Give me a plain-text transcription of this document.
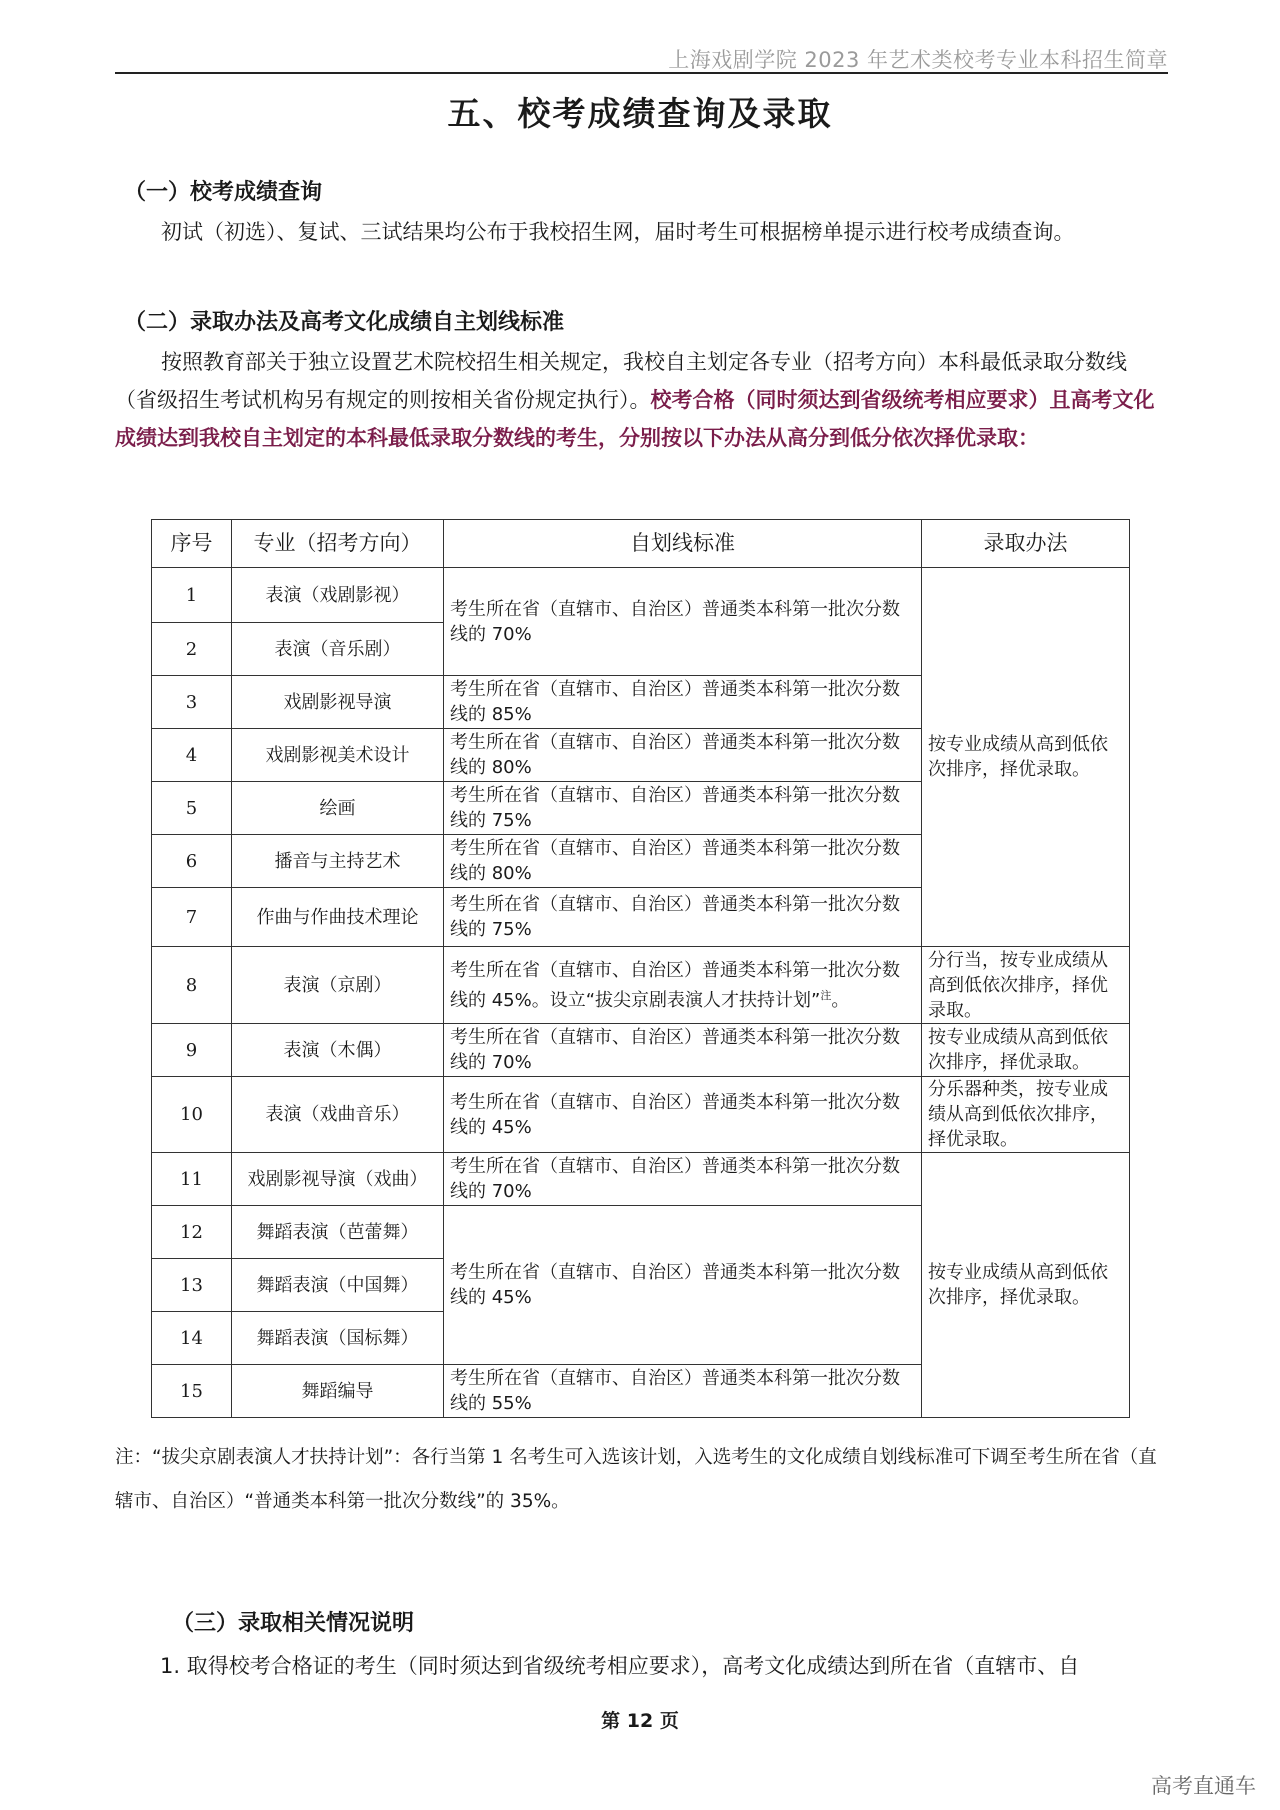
上海戏剧学院 2023 年艺术类校考专业本科招生简章
五、校考成绩查询及录取
（一）校考成绩查询
初试（初选）、复试、三试结果均公布于我校招生网，届时考生可根据榜单提示进行校考成绩查询。
（二）录取办法及高考文化成绩自主划线标准
按照教育部关于独立设置艺术院校招生相关规定，我校自主划定各专业（招考方向）本科最低录取分数线（省级招生考试机构另有规定的则按相关省份规定执行）。校考合格（同时须达到省级统考相应要求）且高考文化成绩达到我校自主划定的本科最低录取分数线的考生，分别按以下办法从高分到低分依次择优录取：
序号	专业（招考方向）	自划线标准	录取办法
1	表演（戏剧影视）	考生所在省（直辖市、自治区）普通类本科第一批次分数线的 70%	按专业成绩从高到低依次排序，择优录取。
2	表演（音乐剧）		
3	戏剧影视导演	考生所在省（直辖市、自治区）普通类本科第一批次分数线的 85%	
4	戏剧影视美术设计	考生所在省（直辖市、自治区）普通类本科第一批次分数线的 80%	
5	绘画	考生所在省（直辖市、自治区）普通类本科第一批次分数线的 75%	
6	播音与主持艺术	考生所在省（直辖市、自治区）普通类本科第一批次分数线的 80%	
7	作曲与作曲技术理论	考生所在省（直辖市、自治区）普通类本科第一批次分数线的 75%	
8	表演（京剧）	考生所在省（直辖市、自治区）普通类本科第一批次分数线的 45%。设立“拔尖京剧表演人才扶持计划”$^注$。	分行当，按专业成绩从高到低依次排序，择优录取。
9	表演（木偶）	考生所在省（直辖市、自治区）普通类本科第一批次分数线的 70%	按专业成绩从高到低依次排序，择优录取。
10	表演（戏曲音乐）	考生所在省（直辖市、自治区）普通类本科第一批次分数线的 45%	分乐器种类，按专业成绩从高到低依次排序，择优录取。
11	戏剧影视导演（戏曲）	考生所在省（直辖市、自治区）普通类本科第一批次分数线的 70%	按专业成绩从高到低依次排序，择优录取。
12	舞蹈表演（芭蕾舞）	考生所在省（直辖市、自治区）普通类本科第一批次分数线的 45%	
13	舞蹈表演（中国舞）		
14	舞蹈表演（国标舞）		
15	舞蹈编导	考生所在省（直辖市、自治区）普通类本科第一批次分数线的 55%	
注：“拔尖京剧表演人才扶持计划”：各行当第 1 名考生可入选该计划，入选考生的文化成绩自划线标准可下调至考生所在省（直辖市、自治区）“普通类本科第一批次分数线”的 35%。
（三）录取相关情况说明
1. 取得校考合格证的考生（同时须达到省级统考相应要求），高考文化成绩达到所在省（直辖市、自
第 12 页
高考直通车
